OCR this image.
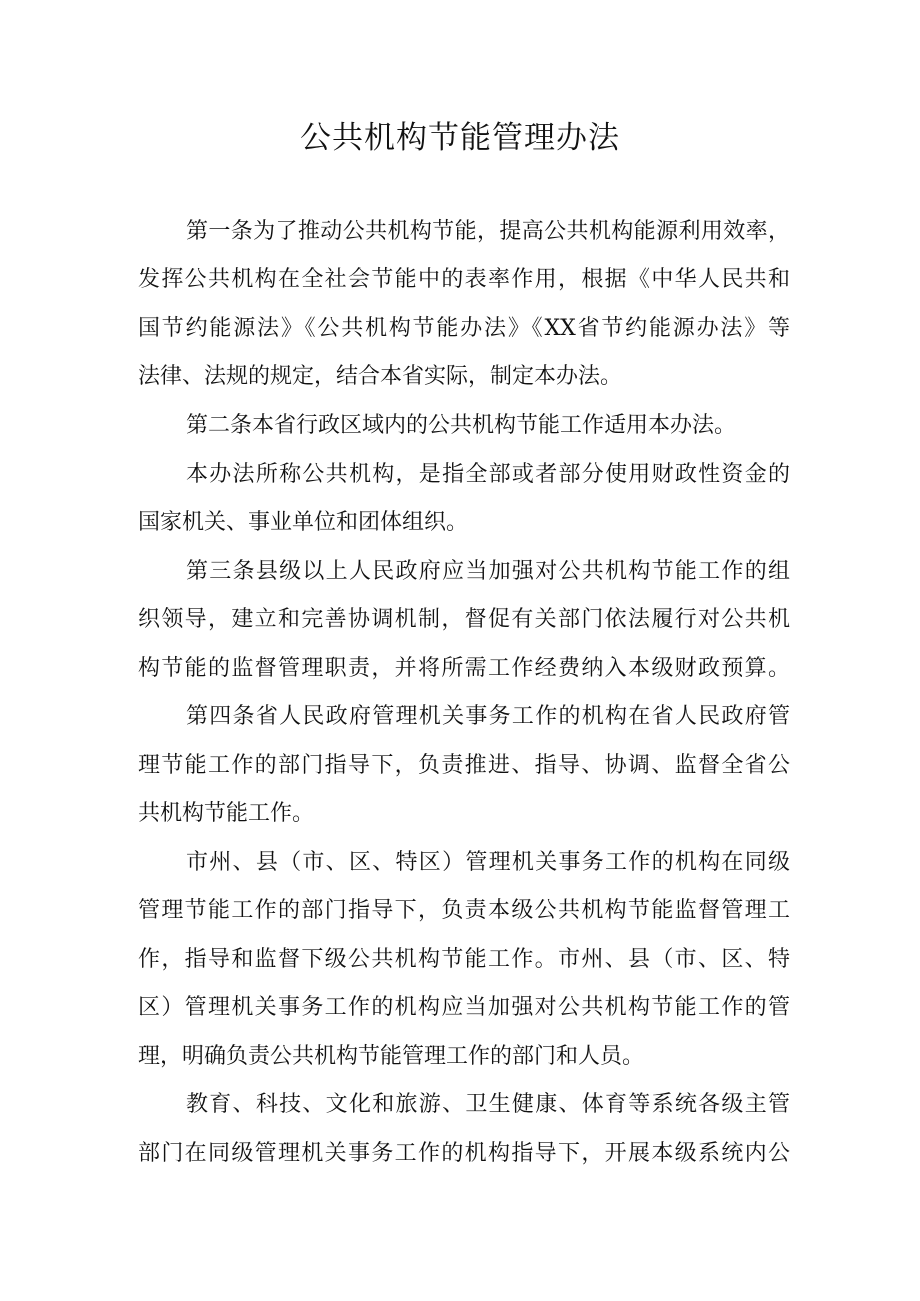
公共机构节能管理办法

第一条为了推动公共机构节能，提高公共机构能源利用效率，

发挥公共机构在全社会节能中的表率作用，根据《中华人民共和

国节约能源法》《公共机构节能办法》《XX省节约能源办法》等

法律、法规的规定，结合本省实际，制定本办法。

第二条本省行政区域内的公共机构节能工作适用本办法。

本办法所称公共机构，是指全部或者部分使用财政性资金的

国家机关、事业单位和团体组织。

第三条县级以上人民政府应当加强对公共机构节能工作的组

织领导，建立和完善协调机制，督促有关部门依法履行对公共机

构节能的监督管理职责，并将所需工作经费纳入本级财政预算。

第四条省人民政府管理机关事务工作的机构在省人民政府管

理节能工作的部门指导下，负责推进、指导、协调、监督全省公

共机构节能工作。

市州、县（市、区、特区）管理机关事务工作的机构在同级

管理节能工作的部门指导下，负责本级公共机构节能监督管理工

作，指导和监督下级公共机构节能工作。市州、县（市、区、特

区）管理机关事务工作的机构应当加强对公共机构节能工作的管

理，明确负责公共机构节能管理工作的部门和人员。

教育、科技、文化和旅游、卫生健康、体育等系统各级主管

部门在同级管理机关事务工作的机构指导下，开展本级系统内公
